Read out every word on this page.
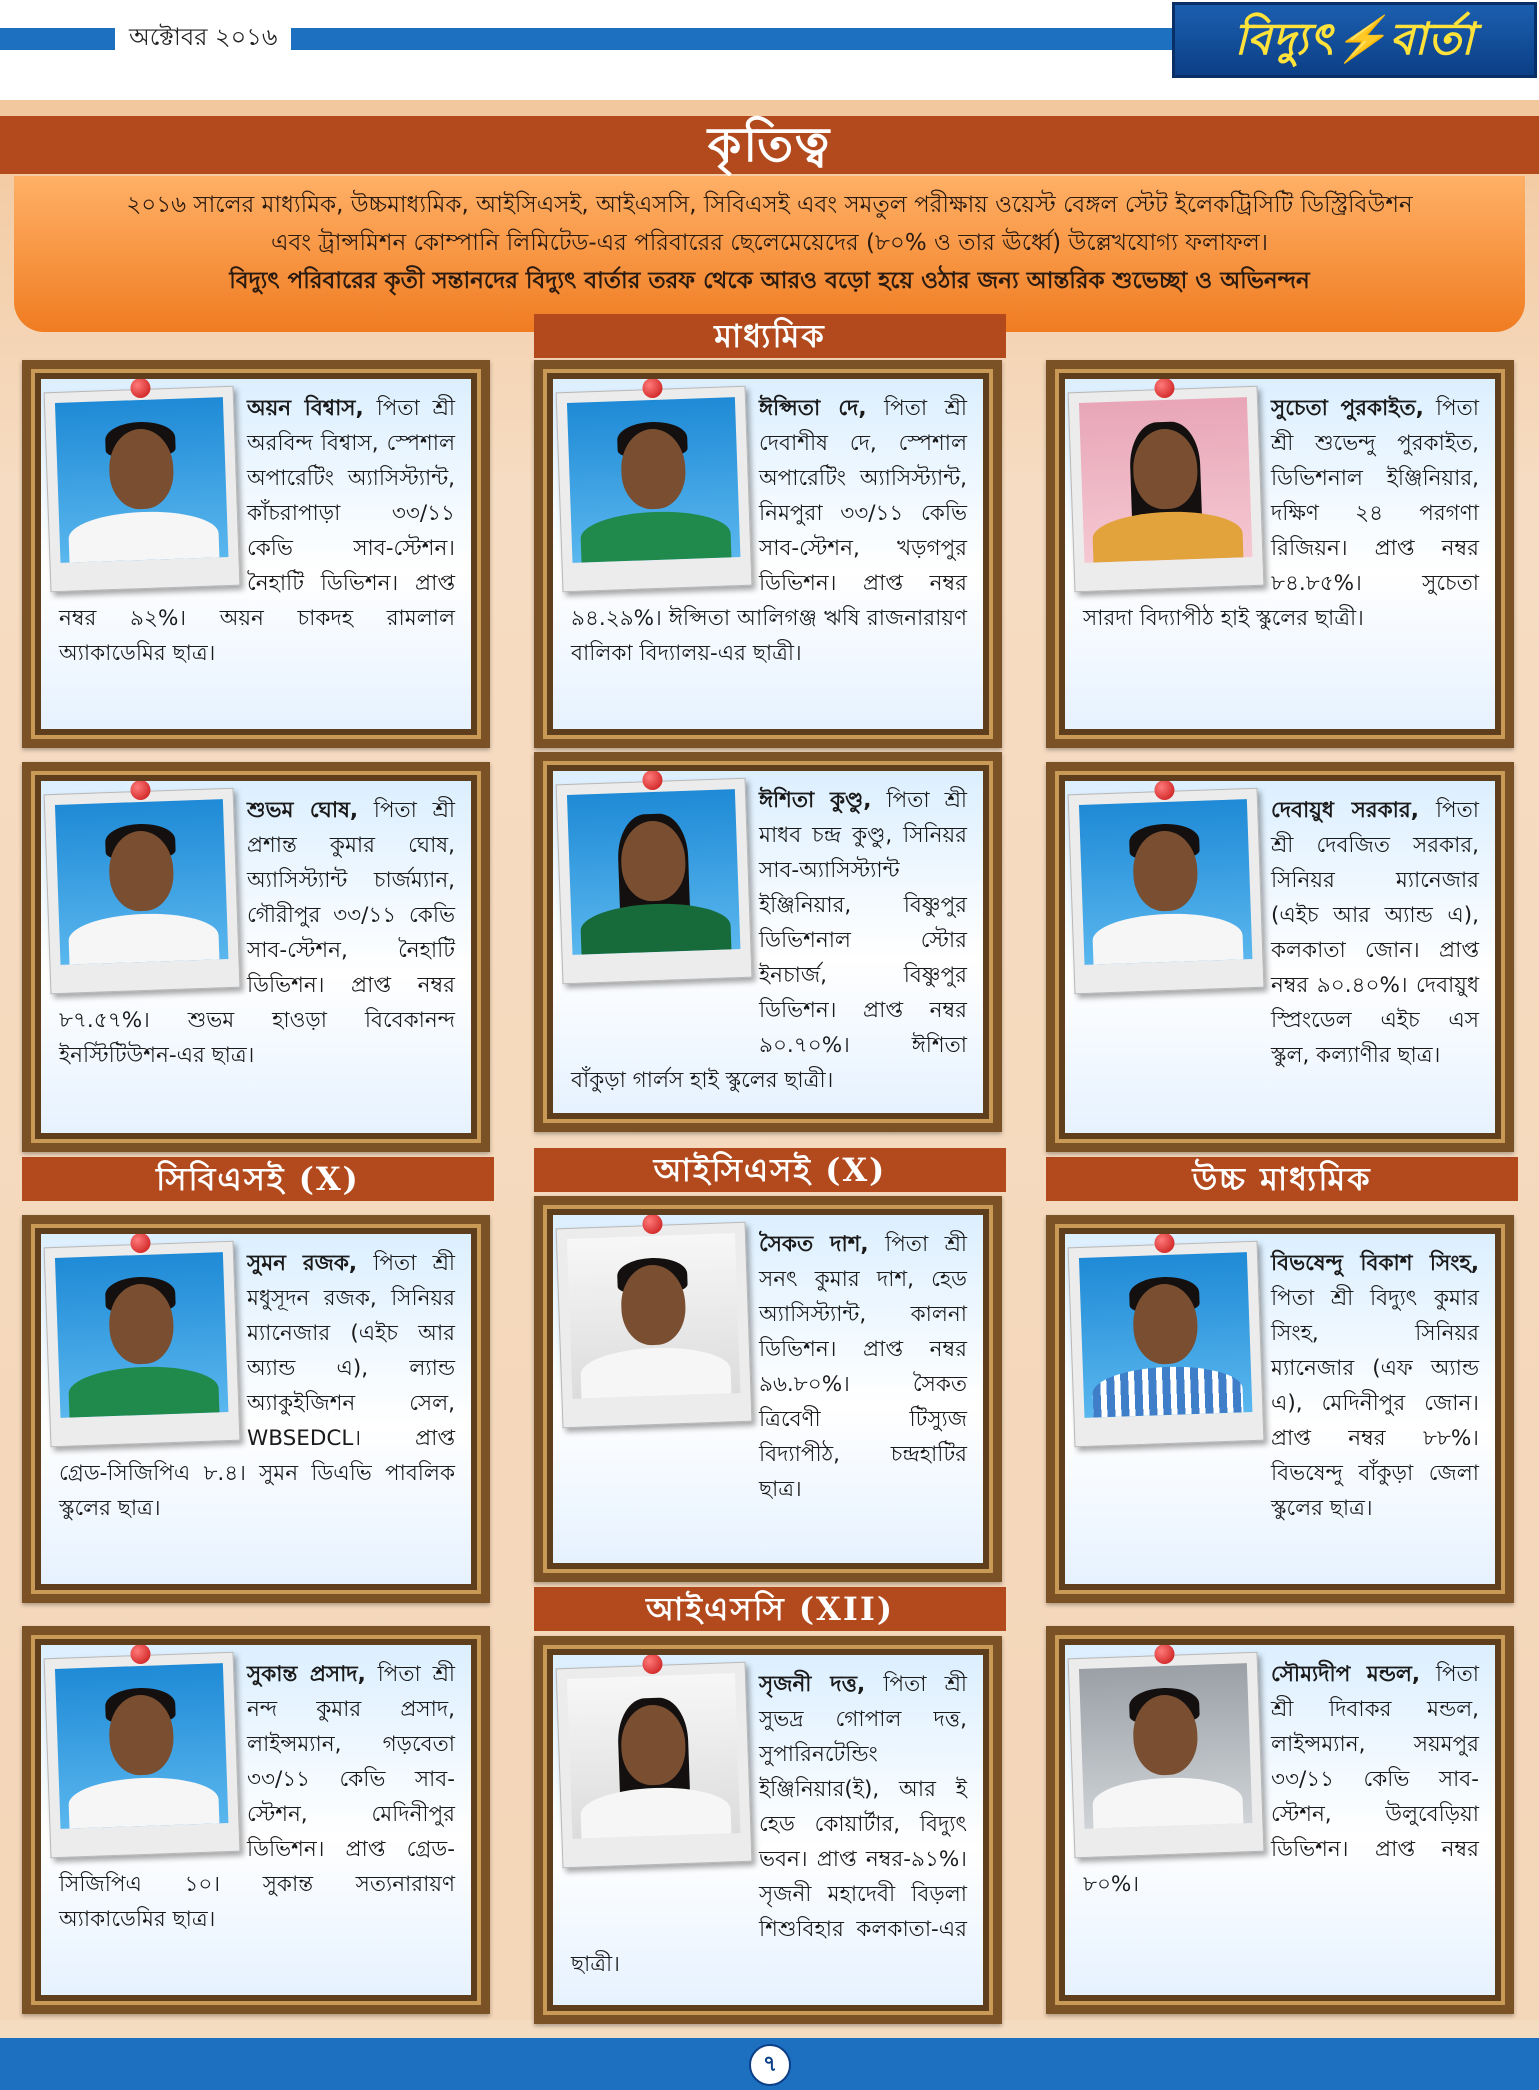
অক্টোবর ২০১৬	বিদ্যুৎ⚡বার্তা
কৃতিত্ব

২০১৬ সালের মাধ্যমিক, উচ্চমাধ্যমিক, আইসিএসই, আইএসসি, সিবিএসই এবং সমতুল পরীক্ষায় ওয়েস্ট বেঙ্গল স্টেট ইলেকট্রিসিটি ডিস্ট্রিবিউশন

এবং ট্রান্সমিশন কোম্পানি লিমিটেড-এর পরিবারের ছেলেমেয়েদের (৮০% ও তার ঊর্ধ্বে) উল্লেখযোগ্য ফলাফল।

বিদ্যুৎ পরিবারের কৃতী সন্তানদের বিদ্যুৎ বার্তার তরফ থেকে আরও বড়ো হয়ে ওঠার জন্য আন্তরিক শুভেচ্ছা ও অভিনন্দন

মাধ্যমিক
সিবিএসই (X)	আইসিএসই (X)	উচ্চ মাধ্যমিক
আইএসসি (XII)
অয়ন বিশ্বাস, পিতা শ্রী অরবিন্দ বিশ্বাস, স্পেশাল অপারেটিং অ্যাসিস্ট্যান্ট, কাঁচরাপাড়া ৩৩/১১ কেভি সাব-স্টেশন। নৈহাটি ডিভিশন। প্রাপ্ত নম্বর ৯২%। অয়ন চাকদহ রামলাল অ্যাকাডেমির ছাত্র।
ঈপ্সিতা দে, পিতা শ্রী দেবাশীষ দে, স্পেশাল অপারেটিং অ্যাসিস্ট্যান্ট, নিমপুরা ৩৩/১১ কেভি সাব-স্টেশন, খড়গপুর ডিভিশন। প্রাপ্ত নম্বর ৯৪.২৯%। ঈপ্সিতা আলিগঞ্জ ঋষি রাজনারায়ণ বালিকা বিদ্যালয়-এর ছাত্রী।
সুচেতা পুরকাইত, পিতা শ্রী শুভেন্দু পুরকাইত, ডিভিশনাল ইঞ্জিনিয়ার, দক্ষিণ ২৪ পরগণা রিজিয়ন। প্রাপ্ত নম্বর ৮৪.৮৫%। সুচেতা সারদা বিদ্যাপীঠ হাই স্কুলের ছাত্রী।
শুভম ঘোষ, পিতা শ্রী প্রশান্ত কুমার ঘোষ, অ্যাসিস্ট্যান্ট চার্জম্যান, গৌরীপুর ৩৩/১১ কেভি সাব-স্টেশন, নৈহাটি ডিভিশন। প্রাপ্ত নম্বর ৮৭.৫৭%। শুভম হাওড়া বিবেকানন্দ ইনস্টিটিউশন-এর ছাত্র।
ঈশিতা কুণ্ডু, পিতা শ্রী মাধব চন্দ্র কুণ্ডু, সিনিয়র সাব-অ্যাসিস্ট্যান্ট ইঞ্জিনিয়ার, বিষ্ণুপুর ডিভিশনাল স্টোর ইনচার্জ, বিষ্ণুপুর ডিভিশন। প্রাপ্ত নম্বর ৯০.৭০%। ঈশিতা বাঁকুড়া গার্লস হাই স্কুলের ছাত্রী।
দেবায়ুধ সরকার, পিতা শ্রী দেবজিত সরকার, সিনিয়র ম্যানেজার (এইচ আর অ্যান্ড এ), কলকাতা জোন। প্রাপ্ত নম্বর ৯০.৪০%। দেবায়ুধ স্প্রিংডেল এইচ এস স্কুল, কল্যাণীর ছাত্র।
সুমন রজক, পিতা শ্রী মধুসূদন রজক, সিনিয়র ম্যানেজার (এইচ আর অ্যান্ড এ), ল্যান্ড অ্যাকুইজিশন সেল, WBSEDCL। প্রাপ্ত গ্রেড-সিজিপিএ ৮.৪। সুমন ডিএভি পাবলিক স্কুলের ছাত্র।
সৈকত দাশ, পিতা শ্রী সনৎ কুমার দাশ, হেড অ্যাসিস্ট্যান্ট, কালনা ডিভিশন। প্রাপ্ত নম্বর ৯৬.৮০%। সৈকত ত্রিবেণী টিস্যুজ বিদ্যাপীঠ, চন্দ্রহাটির ছাত্র।
বিভষেন্দু বিকাশ সিংহ, পিতা শ্রী বিদ্যুৎ কুমার সিংহ, সিনিয়র ম্যানেজার (এফ অ্যান্ড এ), মেদিনীপুর জোন। প্রাপ্ত নম্বর ৮৮%। বিভষেন্দু বাঁকুড়া জেলা স্কুলের ছাত্র।
সুকান্ত প্রসাদ, পিতা শ্রী নন্দ কুমার প্রসাদ, লাইন্সম্যান, গড়বেতা ৩৩/১১ কেভি সাব-স্টেশন, মেদিনীপুর ডিভিশন। প্রাপ্ত গ্রেড-সিজিপিএ ১০। সুকান্ত সত্যনারায়ণ অ্যাকাডেমির ছাত্র।
সৃজনী দত্ত, পিতা শ্রী সুভদ্র গোপাল দত্ত, সুপারিনটেন্ডিং ইঞ্জিনিয়ার(ই), আর ই হেড কোয়ার্টার, বিদ্যুৎ ভবন। প্রাপ্ত নম্বর-৯১%। সৃজনী মহাদেবী বিড়লা শিশুবিহার কলকাতা-এর ছাত্রী।
সৌম্যদীপ মন্ডল, পিতা শ্রী দিবাকর মন্ডল, লাইন্সম্যান, সয়মপুর ৩৩/১১ কেভি সাব-স্টেশন, উলুবেড়িয়া ডিভিশন। প্রাপ্ত নম্বর ৮০%।
৭
